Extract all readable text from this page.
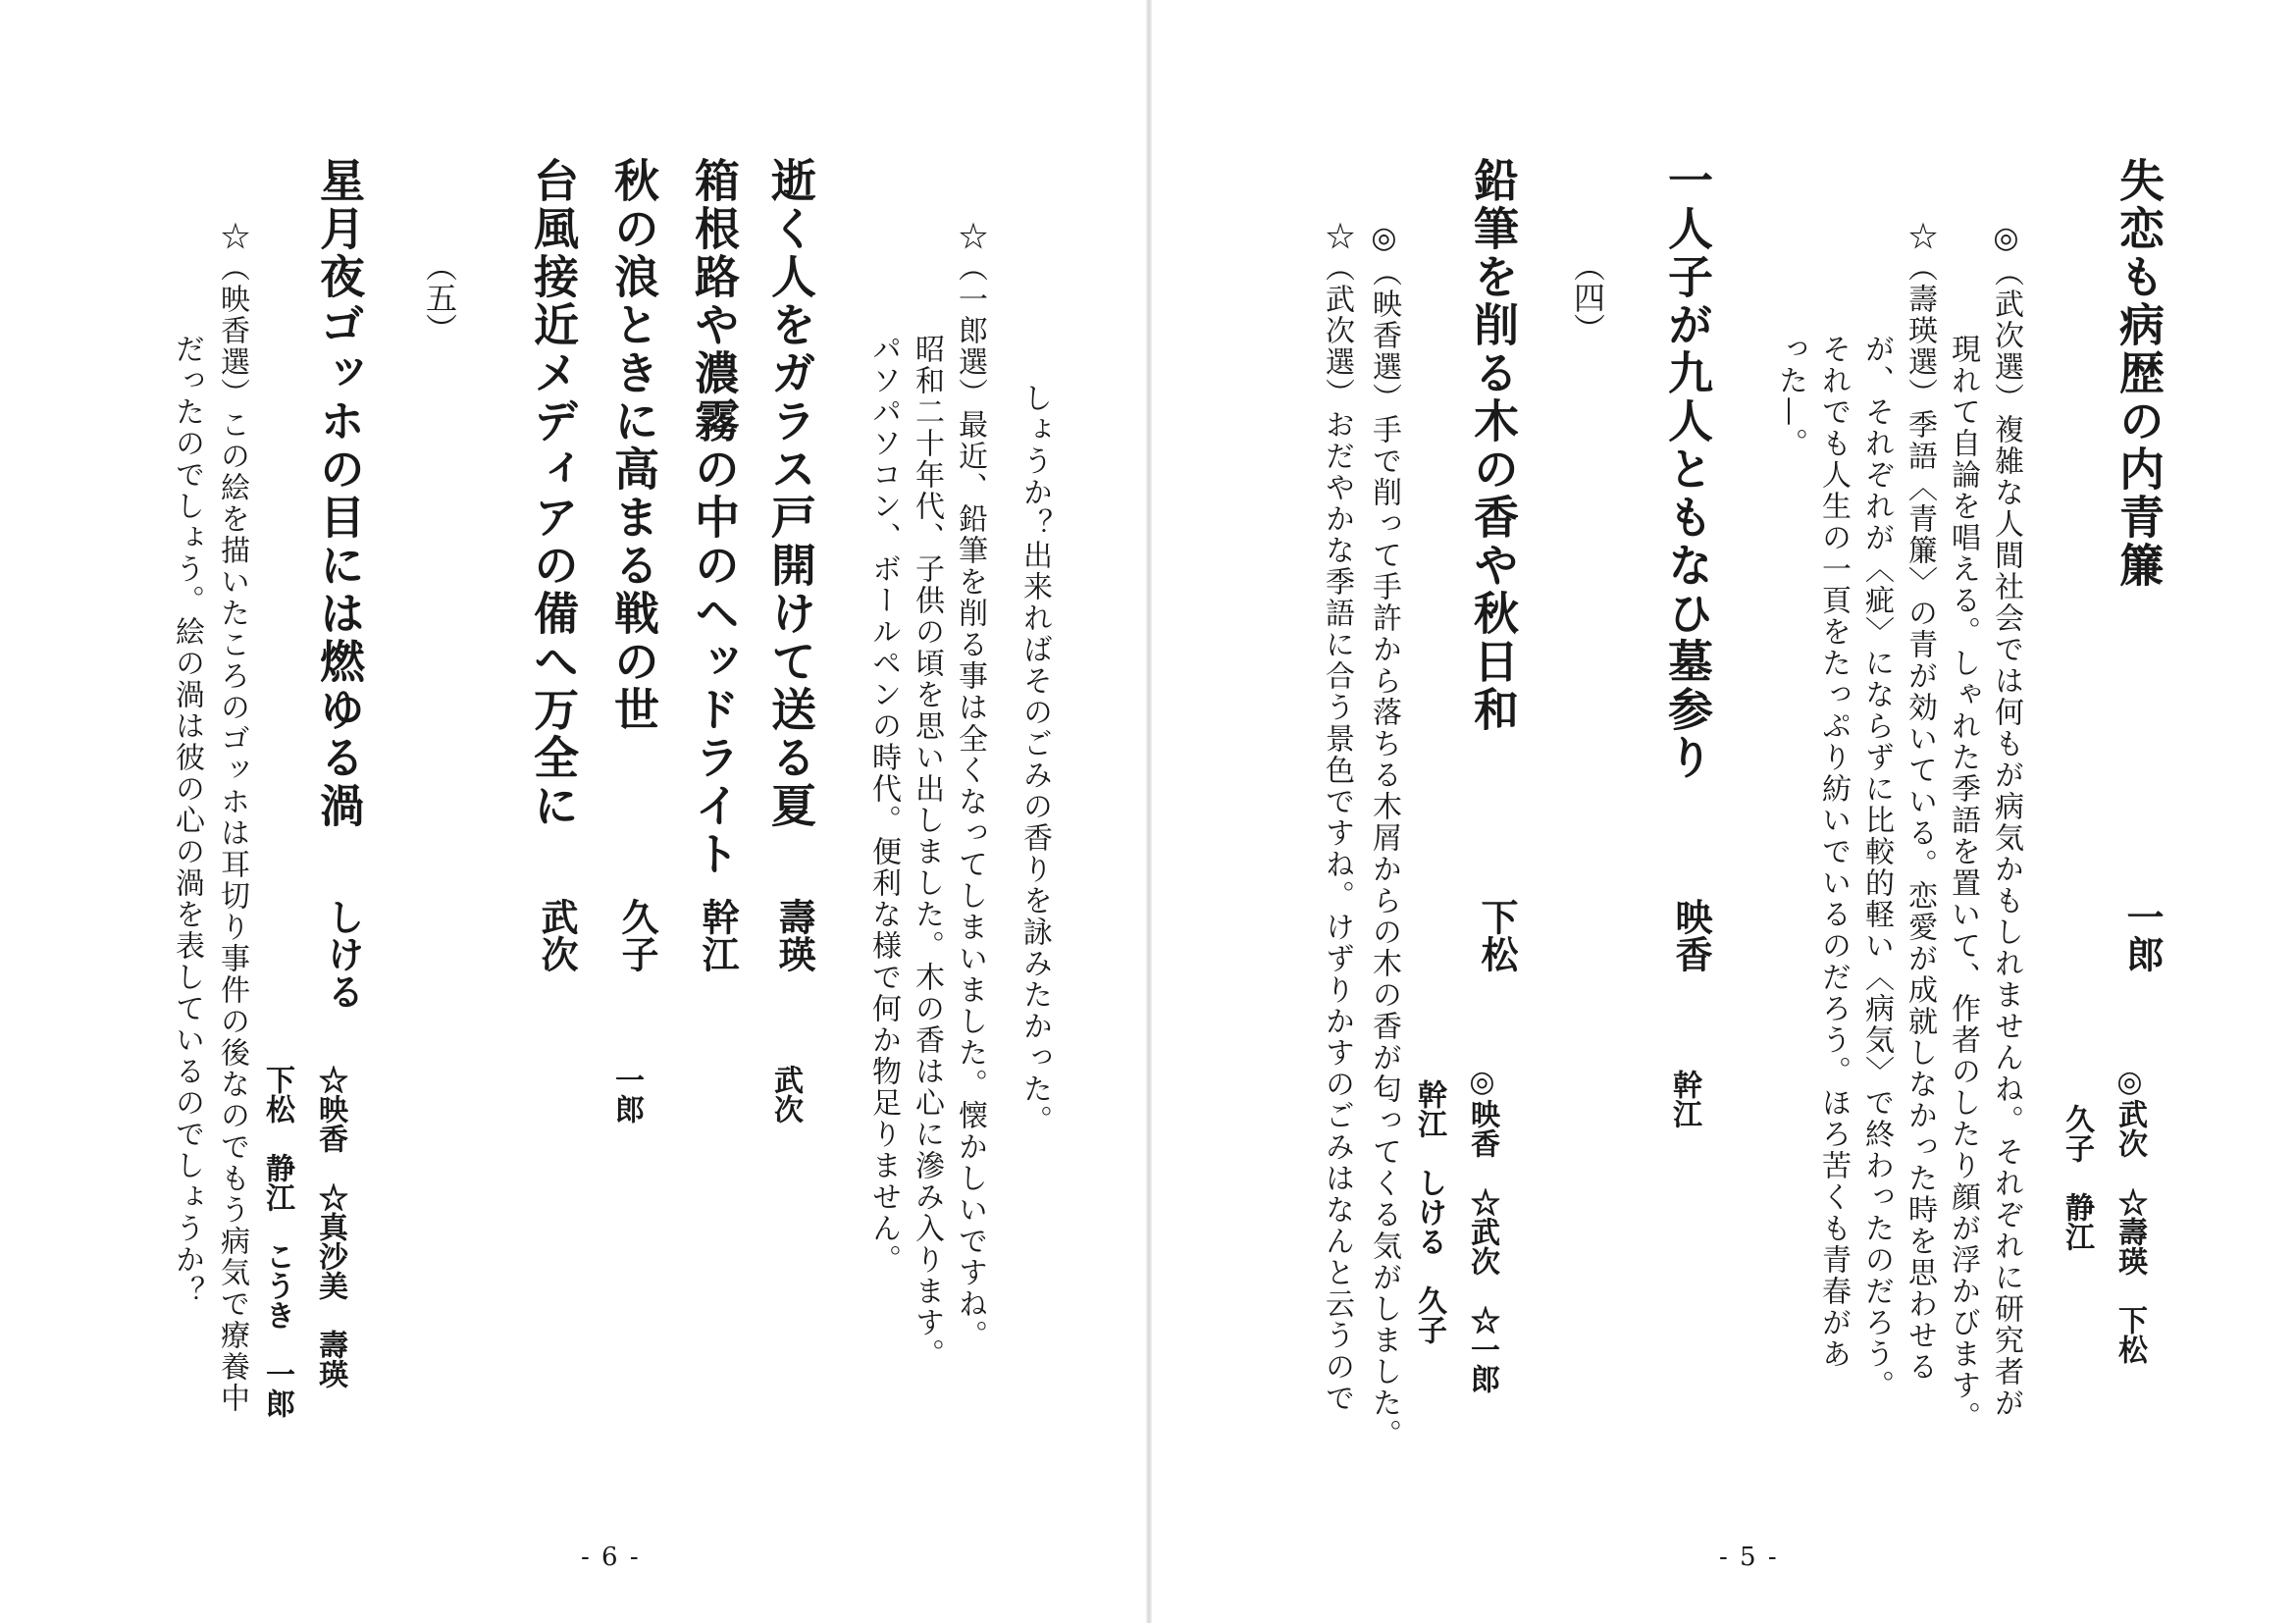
失恋も病歴の内青簾
一郎
◎武次　☆壽瑛　下松
久子　静江
◎（武次選）複雑な人間社会では何もが病気かもしれませんね。それぞれに研究者が
現れて自論を唱える。しゃれた季語を置いて、作者のしたり顔が浮かびます。
☆（壽瑛選）季語〈青簾〉の青が効いている。恋愛が成就しなかった時を思わせる
が、それぞれが〈疵〉にならずに比較的軽い〈病気〉で終わったのだろう。
それでも人生の一頁をたっぷり紡いでいるのだろう。ほろ苦くも青春があ
った—。
一人子が九人ともなひ墓参り
映香
幹江
（四）
鉛筆を削る木の香や秋日和
下松
◎映香　☆武次　☆一郎
幹江　しける　久子
◎（映香選）手で削って手許から落ちる木屑からの木の香が匂ってくる気がしました。
☆（武次選）おだやかな季語に合う景色ですね。けずりかすのごみはなんと云うので
- 5 -
しょうか？出来ればそのごみの香りを詠みたかった。
☆（一郎選）最近、鉛筆を削る事は全くなってしまいました。懐かしいですね。
昭和二十年代、子供の頃を思い出しました。木の香は心に滲み入ります。
パソパソコン、ボールペンの時代。便利な様で何か物足りません。
逝く人をガラス戸開けて送る夏
壽瑛
武次
箱根路や濃霧の中のヘッドライト
幹江
秋の浪ときに高まる戦の世
久子
一郎
台風接近メディアの備へ万全に
武次
（五）
星月夜ゴッホの目には燃ゆる渦
しける
☆映香　☆真沙美　壽瑛
下松　静江　こうき　一郎
☆（映香選）この絵を描いたころのゴッホは耳切り事件の後なのでもう病気で療養中
だったのでしょう。絵の渦は彼の心の渦を表しているのでしょうか？
- 6 -
